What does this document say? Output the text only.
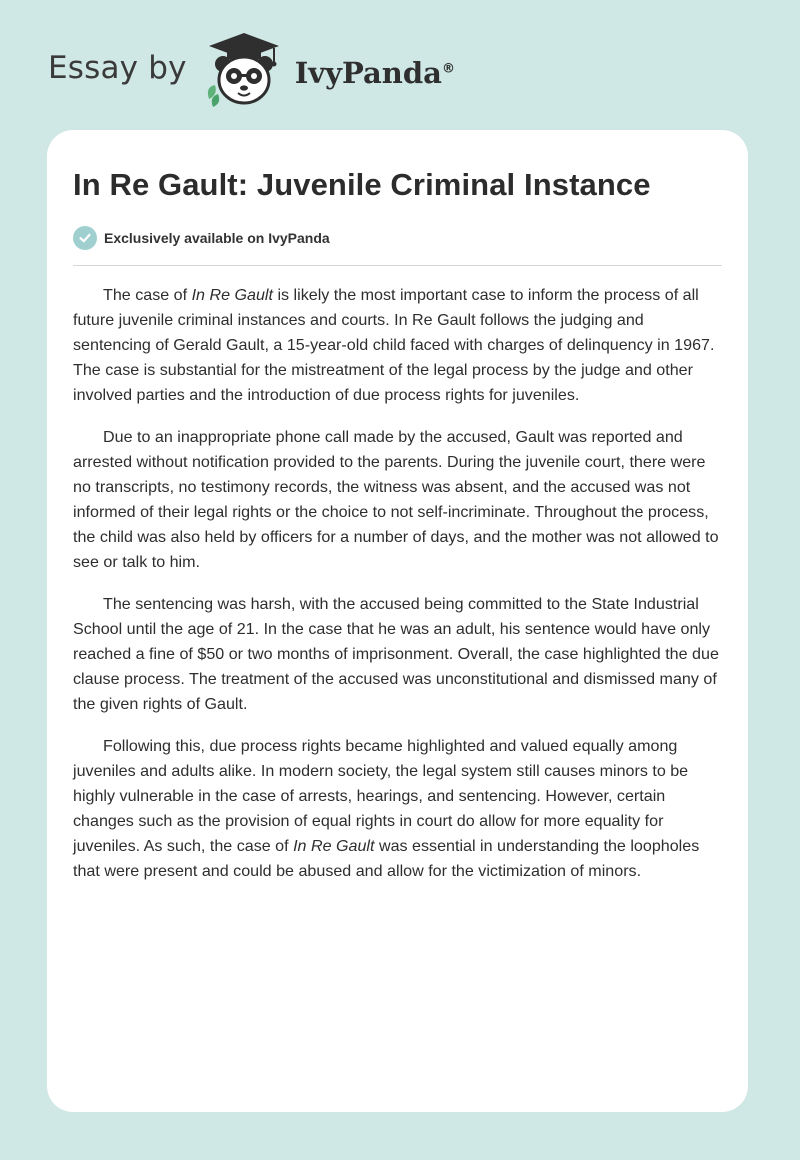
Essay by	IvyPanda®
In Re Gault: Juvenile Criminal Instance
Exclusively available on IvyPanda

The case of In Re Gault is likely the most important case to inform the process of all future juvenile criminal instances and courts. In Re Gault follows the judging and sentencing of Gerald Gault, a 15-year-old child faced with charges of delinquency in 1967. The case is substantial for the mistreatment of the legal process by the judge and other involved parties and the introduction of due process rights for juveniles.

Due to an inappropriate phone call made by the accused, Gault was reported and arrested without notification provided to the parents. During the juvenile court, there were no transcripts, no testimony records, the witness was absent, and the accused was not informed of their legal rights or the choice to not self-incriminate. Throughout the process, the child was also held by officers for a number of days, and the mother was not allowed to see or talk to him.

The sentencing was harsh, with the accused being committed to the State Industrial School until the age of 21. In the case that he was an adult, his sentence would have only reached a fine of $50 or two months of imprisonment. Overall, the case highlighted the due clause process. The treatment of the accused was unconstitutional and dismissed many of the given rights of Gault.

Following this, due process rights became highlighted and valued equally among juveniles and adults alike. In modern society, the legal system still causes minors to be highly vulnerable in the case of arrests, hearings, and sentencing. However, certain changes such as the provision of equal rights in court do allow for more equality for juveniles. As such, the case of In Re Gault was essential in understanding the loopholes that were present and could be abused and allow for the victimization of minors.
